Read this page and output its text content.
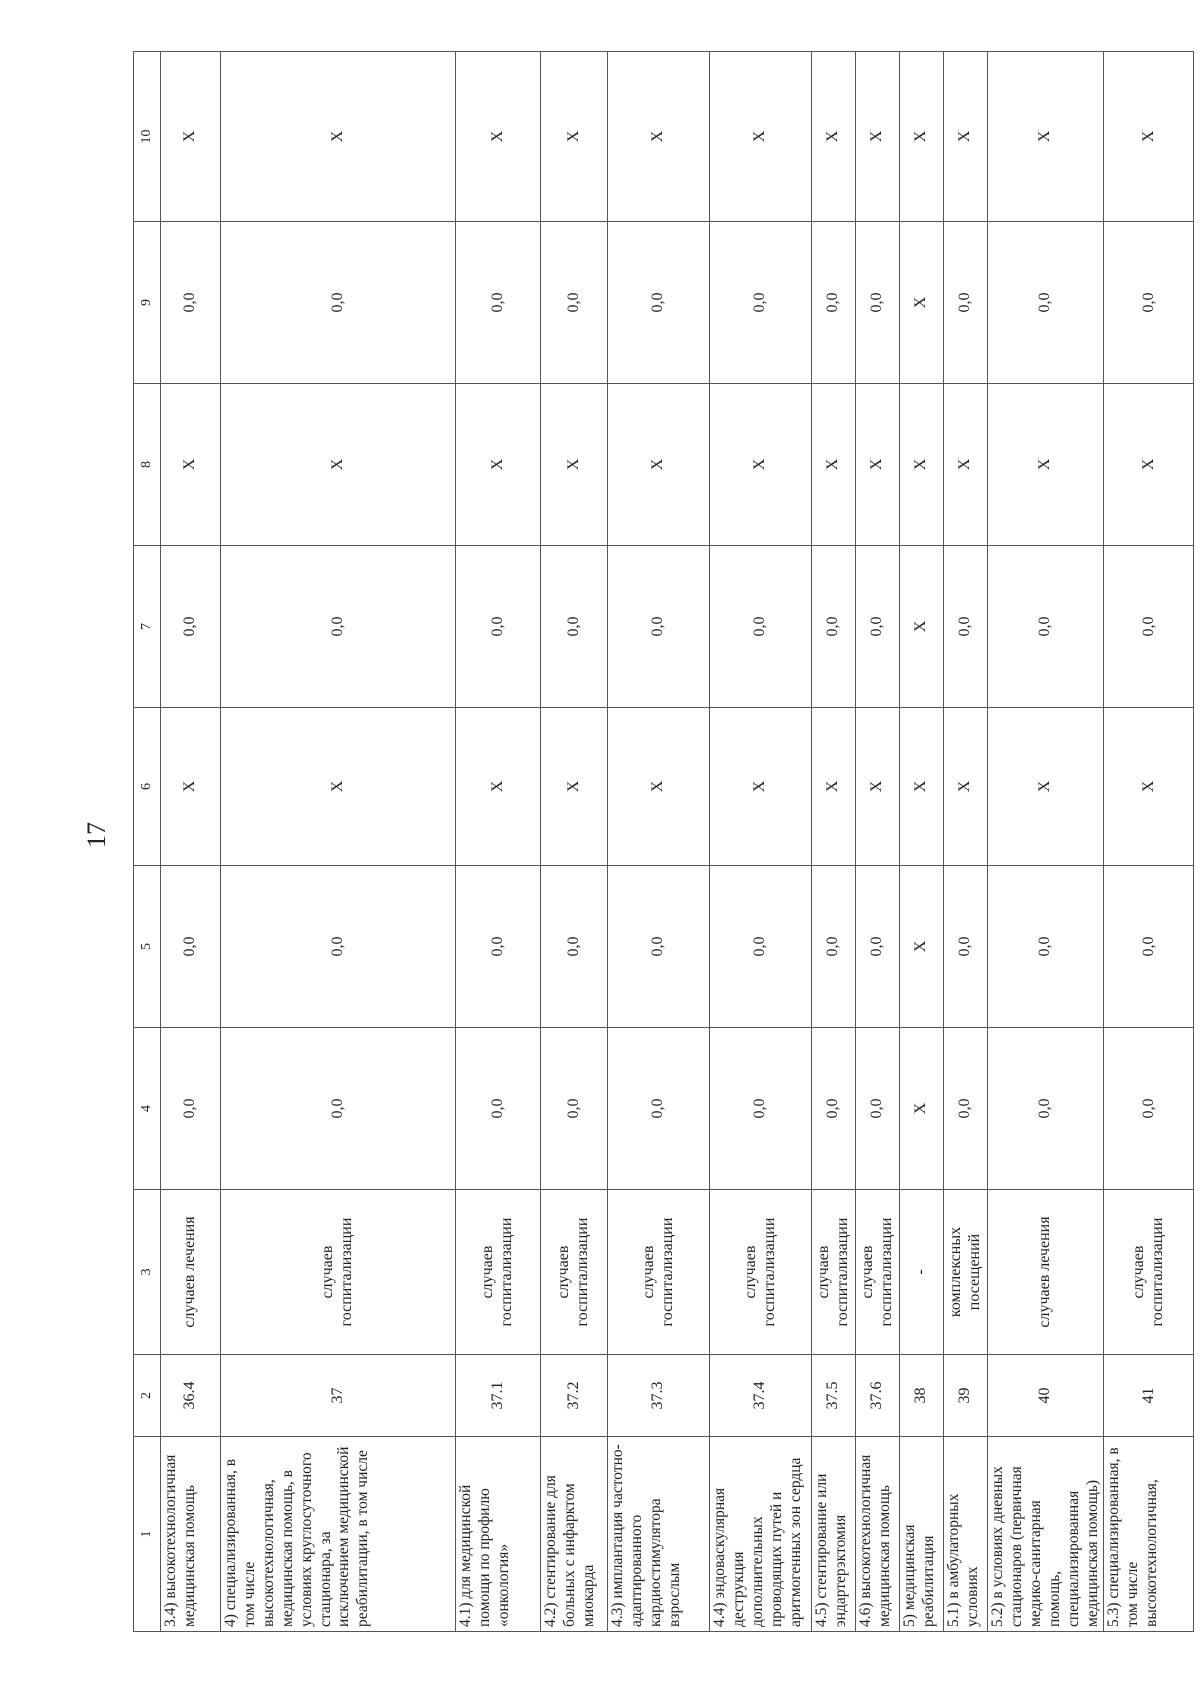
17
1	2	3	4	5	6	7	8	9	10
3.4) высокотехнологичная медицинская помощь	36.4	случаев лечения	0,0	0,0	X	0,0	X	0,0	X
4) специализированная, в том числе высокотехнологичная, медицинская помощь, в условиях круглосуточного стационара, за исключением медицинской реабилитации, в том числе	37	случаев госпитализации	0,0	0,0	X	0,0	X	0,0	X
4.1) для медицинской помощи по профилю «онкология»	37.1	случаев госпитализации	0,0	0,0	X	0,0	X	0,0	X
4.2) стентирование для больных с инфарктом миокарда	37.2	случаев госпитализации	0,0	0,0	X	0,0	X	0,0	X
4.3) имплантация частотно-адаптированного кардиостимулятора взрослым	37.3	случаев госпитализации	0,0	0,0	X	0,0	X	0,0	X
4.4) эндоваскулярная деструкция дополнительных проводящих путей и аритмогенных зон сердца	37.4	случаев госпитализации	0,0	0,0	X	0,0	X	0,0	X
4.5) стентирование или эндартерэктомия	37.5	случаев госпитализации	0,0	0,0	X	0,0	X	0,0	X
4.6) высокотехнологичная медицинская помощь	37.6	случаев госпитализации	0,0	0,0	X	0,0	X	0,0	X
5) медицинская реабилитация	38	-	X	X	X	X	X	X	X
5.1) в амбулаторных условиях	39	комплексных посещений	0,0	0,0	X	0,0	X	0,0	X
5.2) в условиях дневных стационаров (первичная медико-санитарная помощь, специализированная медицинская помощь)	40	случаев лечения	0,0	0,0	X	0,0	X	0,0	X
5.3) специализированная, в том числе высокотехнологичная,	41	случаев госпитализации	0,0	0,0	X	0,0	X	0,0	X
